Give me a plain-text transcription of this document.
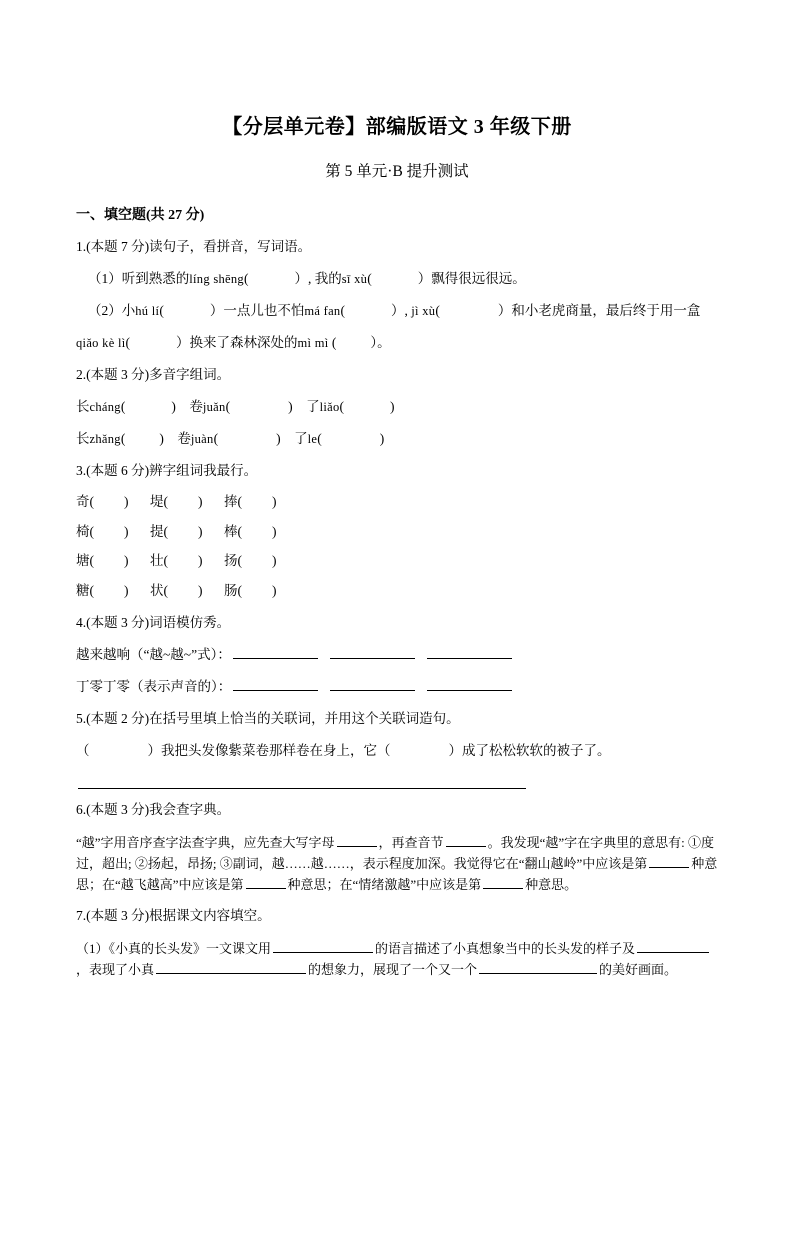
【分层单元卷】部编版语文 3 年级下册
第 5 单元·B 提升测试
一、填空题(共 27 分)
1.(本题 7 分)读句子，看拼音，写词语。
（1）听到熟悉的líng shēng(	）, 我的sī xù(	）飘得很远很远。
（2）小hú lí(	）一点儿也不怕má fan(	）, jì xù(	）和小老虎商量，最后终于用一盒
qiǎo kè lì(	）换来了森林深处的mì mì (	）。
2.(本题 3 分)多音字组词。
长cháng(	)    卷juǎn(	)    了liǎo(	)
长zhǎng(	)    卷juàn(	)    了le(	)
3.(本题 6 分)辨字组词我最行。
奇( ) 堤( ) 捧( )
椅( ) 提( ) 棒( )
塘( ) 壮( ) 扬( )
糖( ) 状( ) 肠( )
4.(本题 3 分)词语模仿秀。
越来越响（“越~越~”式）：
丁零丁零（表示声音的）：
5.(本题 2 分)在括号里填上恰当的关联词，并用这个关联词造句。
（	）我把头发像紫菜卷那样卷在身上，它（	）成了松松软软的被子了。
6.(本题 3 分)我会查字典。
“越”字用音序查字法查字典，应先查大写字母	，再查音节	。我发现“越”字在字典里的意思有: ①度过，超出; ②扬起，昂扬; ③副词，越……越……，表示程度加深。我觉得它在“翻山越岭”中应该是第	种意思；在“越飞越高”中应该是第	种意思；在“情绪激越”中应该是第	种意思。
7.(本题 3 分)根据课文内容填空。
（1）《小真的长头发》一文课文用	的语言描述了小真想象当中的长头发的样子及，表现了小真	的想象力，展现了一个又一个	的美好画面。
